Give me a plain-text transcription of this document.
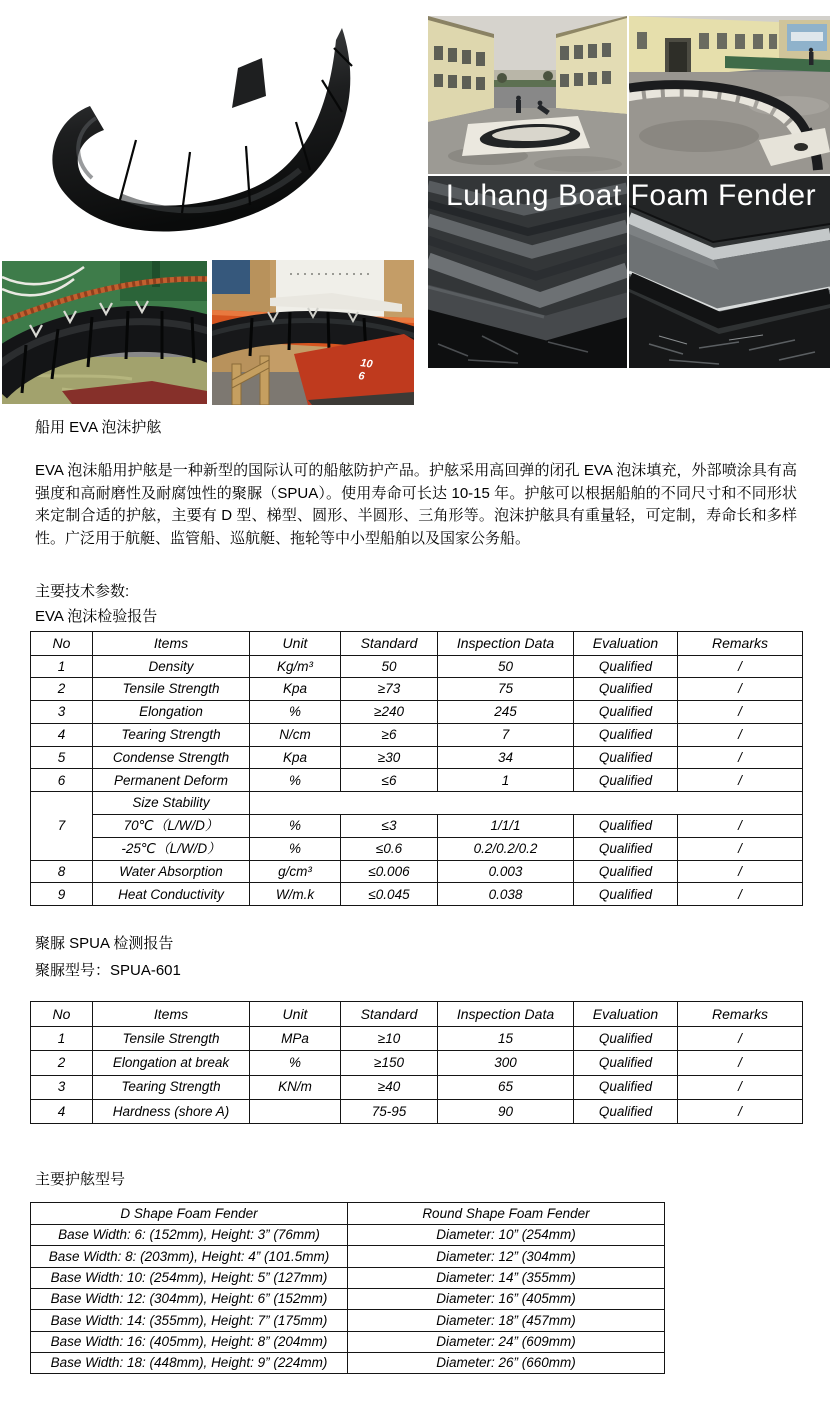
10
6
Luhang Boat Foam Fender

船用 EVA 泡沫护舷

EVA 泡沫船用护舷是一种新型的国际认可的船舷防护产品。护舷采用高回弹的闭孔 EVA 泡沫填充，外部喷涂具有高强度和高耐磨性及耐腐蚀性的聚脲（SPUA）。使用寿命可长达 10-15 年。护舷可以根据船舶的不同尺寸和不同形状来定制合适的护舷，主要有 D 型、梯型、圆形、半圆形、三角形等。泡沫护舷具有重量轻，可定制，寿命长和多样性。广泛用于航艇、监管船、巡航艇、拖轮等中小型船舶以及国家公务船。

主要技术参数:

EVA 泡沫检验报告

No	Items	Unit	Standard	Inspection Data	Evaluation	Remarks
1	Density	Kg/m³	50	50	Qualified	/
2	Tensile Strength	Kpa	≥73	75	Qualified	/
3	Elongation	%	≥240	245	Qualified	/
4	Tearing Strength	N/cm	≥6	7	Qualified	/
5	Condense Strength	Kpa	≥30	34	Qualified	/
6	Permanent Deform	%	≤6	1	Qualified	/
7	Size Stability					
	70℃（L/W/D）	%	≤3	1/1/1	Qualified	/
	-25℃（L/W/D）	%	≤0.6	0.2/0.2/0.2	Qualified	/
8	Water Absorption	g/cm³	≤0.006	0.003	Qualified	/
9	Heat Conductivity	W/m.k	≤0.045	0.038	Qualified	/

聚脲 SPUA 检测报告

聚脲型号：SPUA-601

No	Items	Unit	Standard	Inspection Data	Evaluation	Remarks
1	Tensile Strength	MPa	≥10	15	Qualified	/
2	Elongation at break	%	≥150	300	Qualified	/
3	Tearing Strength	KN/m	≥40	65	Qualified	/
4	Hardness (shore A)		75-95	90	Qualified	/

主要护舷型号

D Shape Foam Fender	Round Shape Foam Fender
Base Width: 6: (152mm), Height: 3” (76mm)	Diameter: 10” (254mm)
Base Width: 8: (203mm), Height: 4” (101.5mm)	Diameter: 12” (304mm)
Base Width: 10: (254mm), Height: 5” (127mm)	Diameter: 14” (355mm)
Base Width: 12: (304mm), Height: 6” (152mm)	Diameter: 16” (405mm)
Base Width: 14: (355mm), Height: 7” (175mm)	Diameter: 18” (457mm)
Base Width: 16: (405mm), Height: 8” (204mm)	Diameter: 24” (609mm)
Base Width: 18: (448mm), Height: 9” (224mm)	Diameter: 26” (660mm)
